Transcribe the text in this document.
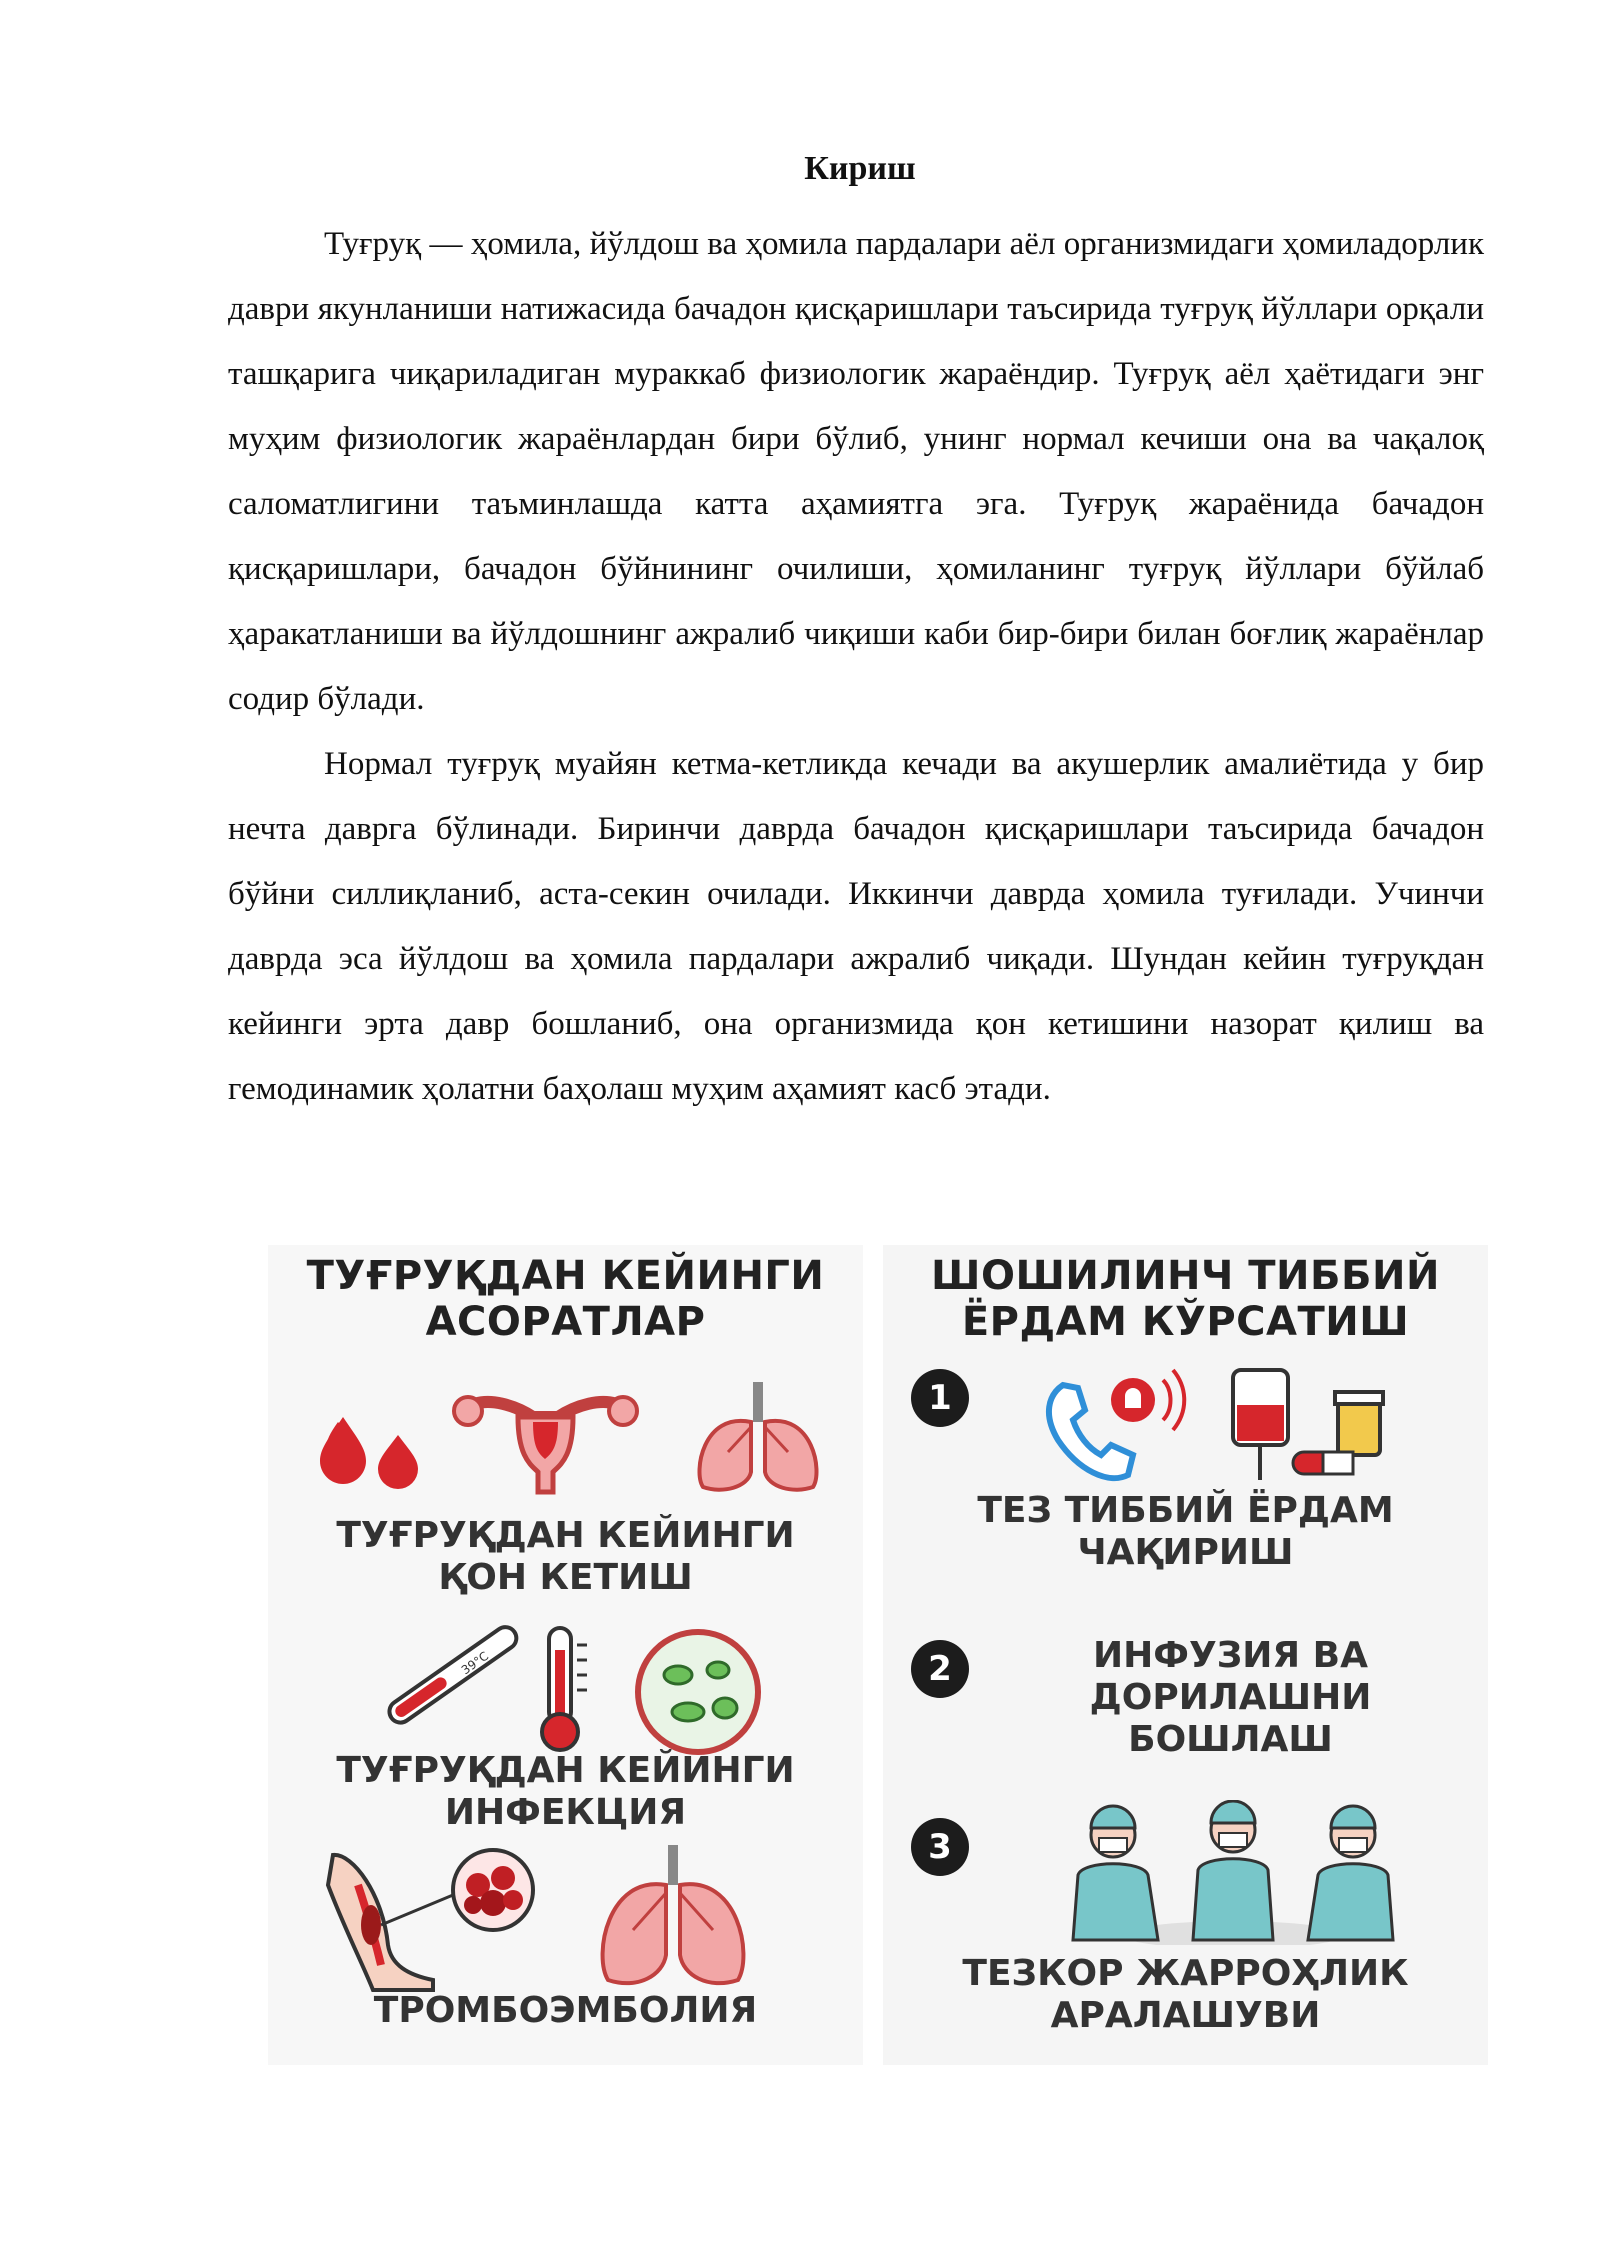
Кириш

Туғруқ — ҳомила, йўлдош ва ҳомила пардалари аёл организмидаги ҳомиладорлик даври якунланиши натижасида бачадон қисқаришлари таъсирида туғруқ йўллари орқали ташқарига чиқариладиган мураккаб физиологик жараёндир. Туғруқ аёл ҳаётидаги энг муҳим физиологик жараёнлардан бири бўлиб, унинг нормал кечиши она ва чақалоқ саломатлигини таъминлашда катта аҳамиятга эга. Туғруқ жараёнида бачадон қисқаришлари, бачадон бўйнининг очилиши, ҳомиланинг туғруқ йўллари бўйлаб ҳаракатланиши ва йўлдошнинг ажралиб чиқиши каби бир-бири билан боғлиқ жараёнлар содир бўлади.

Нормал туғруқ муайян кетма-кетликда кечади ва акушерлик амалиётида у бир нечта даврга бўлинади. Биринчи даврда бачадон қисқаришлари таъсирида бачадон бўйни силлиқланиб, аста-секин очилади. Иккинчи даврда ҳомила туғилади. Учинчи даврда эса йўлдош ва ҳомила пардалари ажралиб чиқади. Шундан кейин туғруқдан кейинги эрта давр бошланиб, она организмида қон кетишини назорат қилиш ва гемодинамик ҳолатни баҳолаш муҳим аҳамият касб этади.

ТУҒРУҚДАН КЕЙИНГИ
АСОРАТЛАР
ТУҒРУҚДАН КЕЙИНГИ
ҚОН КЕТИШ
39°C
ТУҒРУҚДАН КЕЙИНГИ
ИНФЕКЦИЯ
ТРОМБОЭМБОЛИЯ
ШОШИЛИНЧ ТИББИЙ
ЁРДАМ КЎРСАТИШ
1
ТЕЗ ТИББИЙ ЁРДАМ
ЧАҚИРИШ
2	ИНФУЗИЯ ВА
ДОРИЛАШНИ
БОШЛАШ
3
ТЕЗКОР ЖАРРОҲЛИК
АРАЛАШУВИ
